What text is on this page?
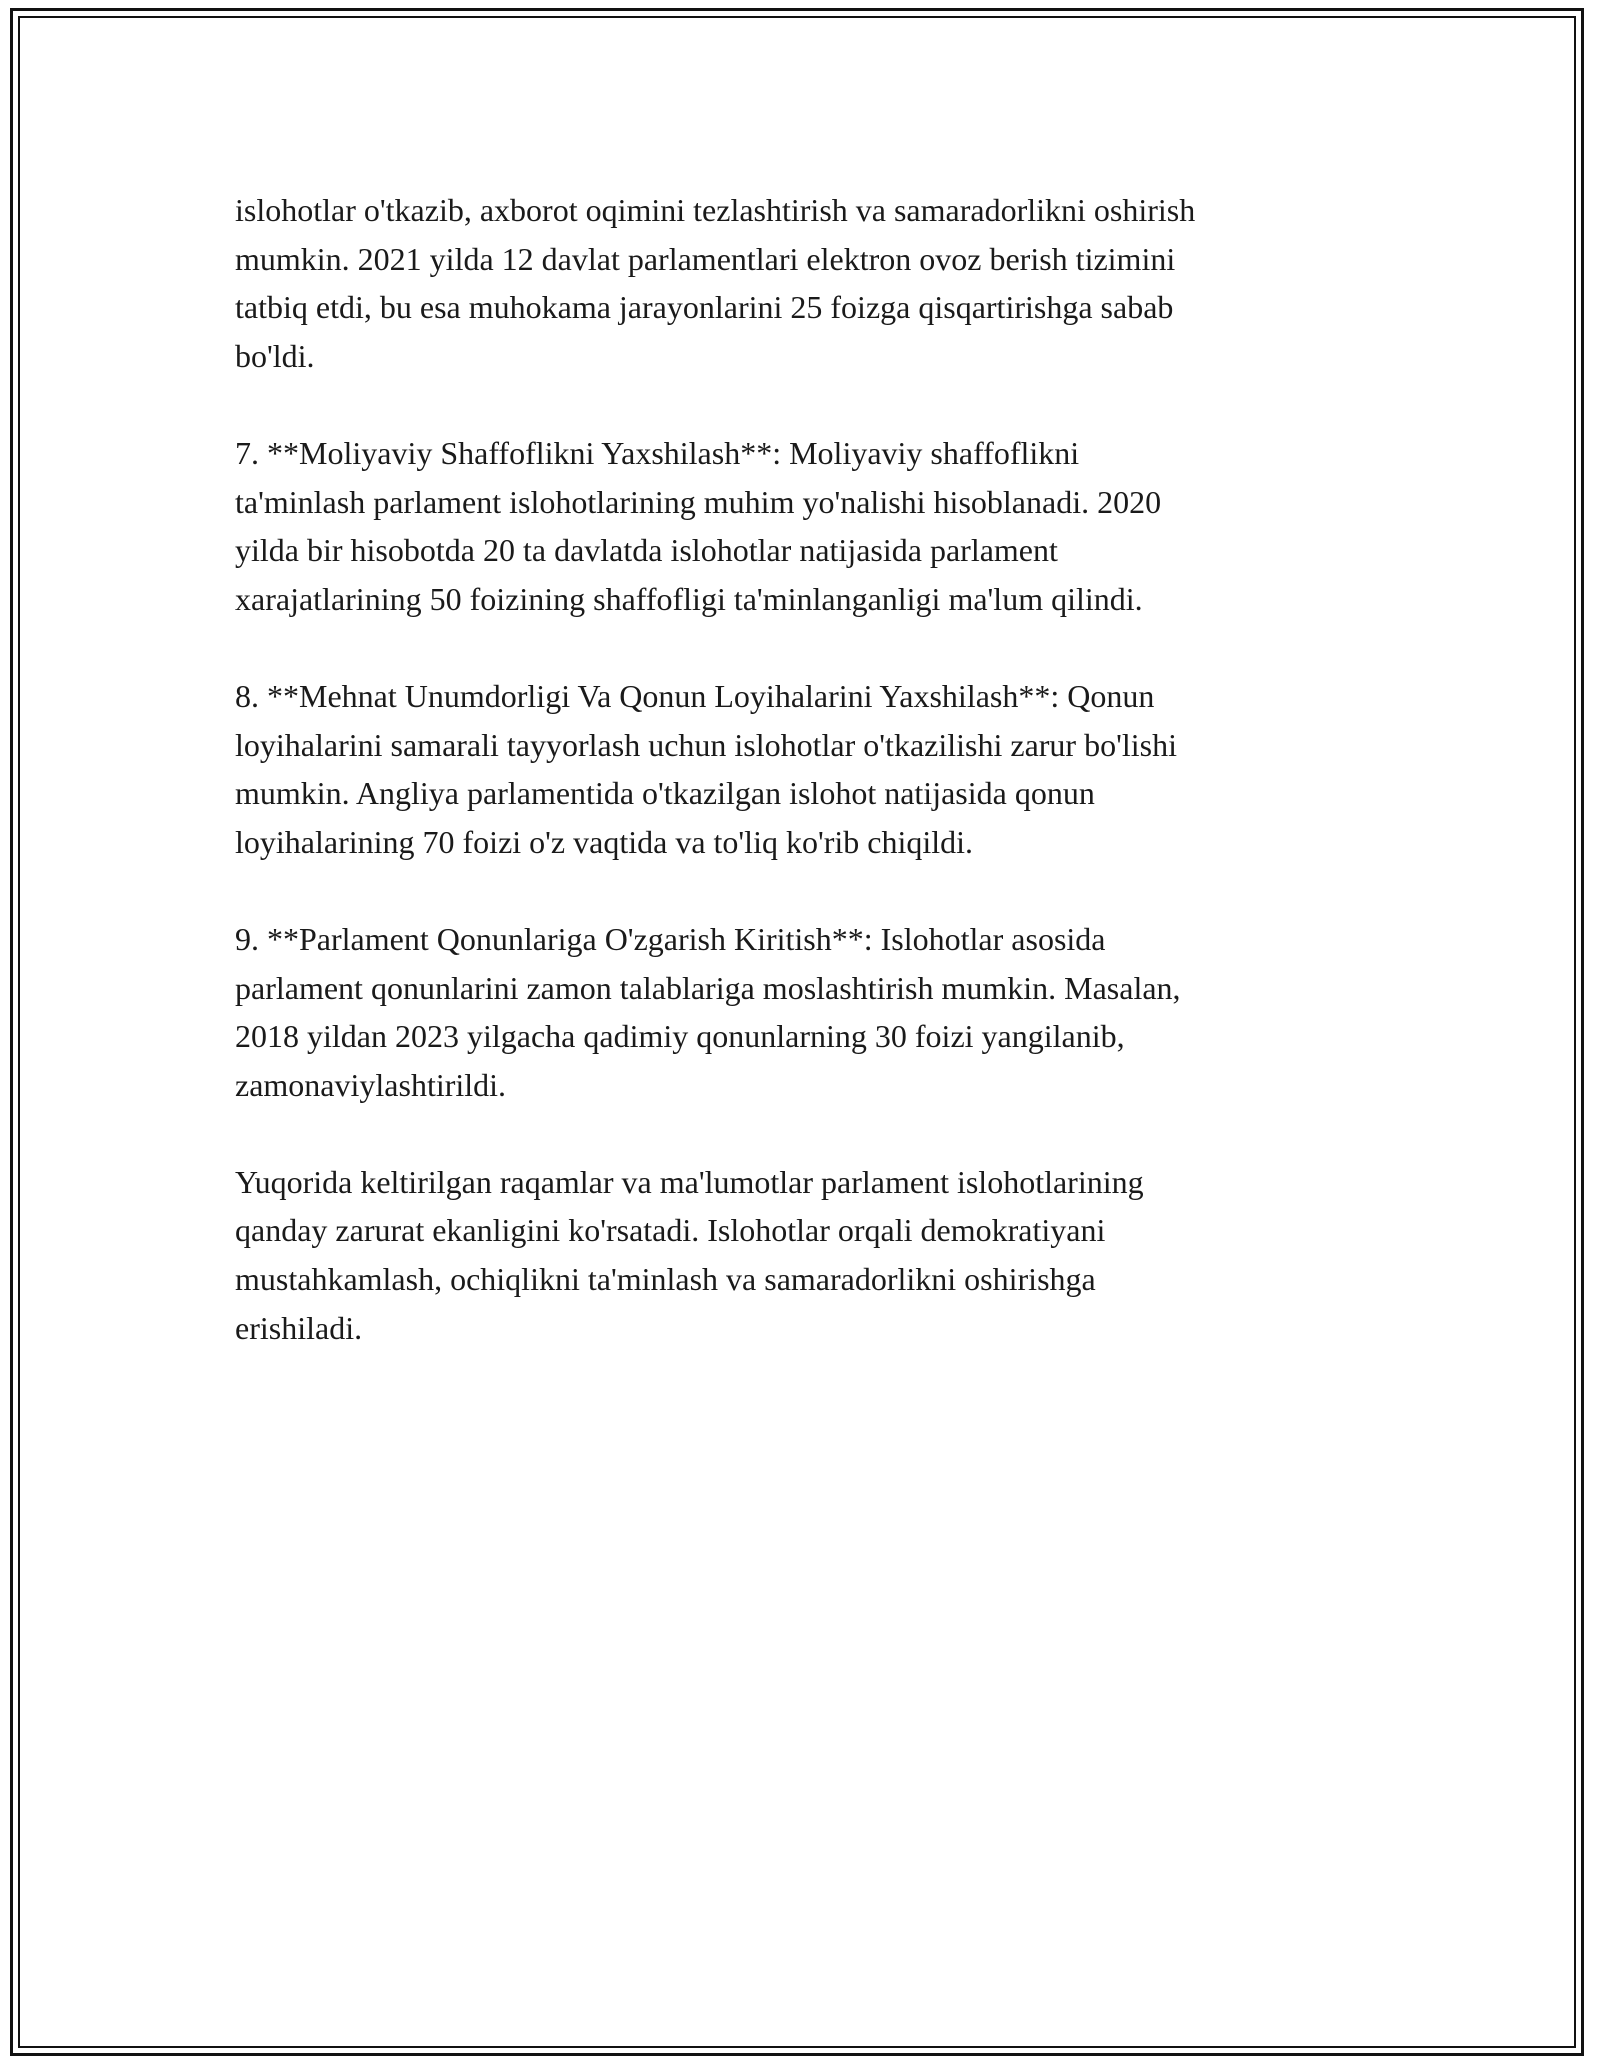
islohotlar o'tkazib, axborot oqimini tezlashtirish va samaradorlikni oshirish
mumkin. 2021 yilda 12 davlat parlamentlari elektron ovoz berish tizimini
tatbiq etdi, bu esa muhokama jarayonlarini 25 foizga qisqartirishga sabab
bo'ldi.

7. **Moliyaviy Shaffoflikni Yaxshilash**: Moliyaviy shaffoflikni
ta'minlash parlament islohotlarining muhim yo'nalishi hisoblanadi. 2020
yilda bir hisobotda 20 ta davlatda islohotlar natijasida parlament
xarajatlarining 50 foizining shaffofligi ta'minlanganligi ma'lum qilindi.

8. **Mehnat Unumdorligi Va Qonun Loyihalarini Yaxshilash**: Qonun
loyihalarini samarali tayyorlash uchun islohotlar o'tkazilishi zarur bo'lishi
mumkin. Angliya parlamentida o'tkazilgan islohot natijasida qonun
loyihalarining 70 foizi o'z vaqtida va to'liq ko'rib chiqildi.

9. **Parlament Qonunlariga O'zgarish Kiritish**: Islohotlar asosida
parlament qonunlarini zamon talablariga moslashtirish mumkin. Masalan,
2018 yildan 2023 yilgacha qadimiy qonunlarning 30 foizi yangilanib,
zamonaviylashtirildi.

Yuqorida keltirilgan raqamlar va ma'lumotlar parlament islohotlarining
qanday zarurat ekanligini ko'rsatadi. Islohotlar orqali demokratiyani
mustahkamlash, ochiqlikni ta'minlash va samaradorlikni oshirishga
erishiladi.
